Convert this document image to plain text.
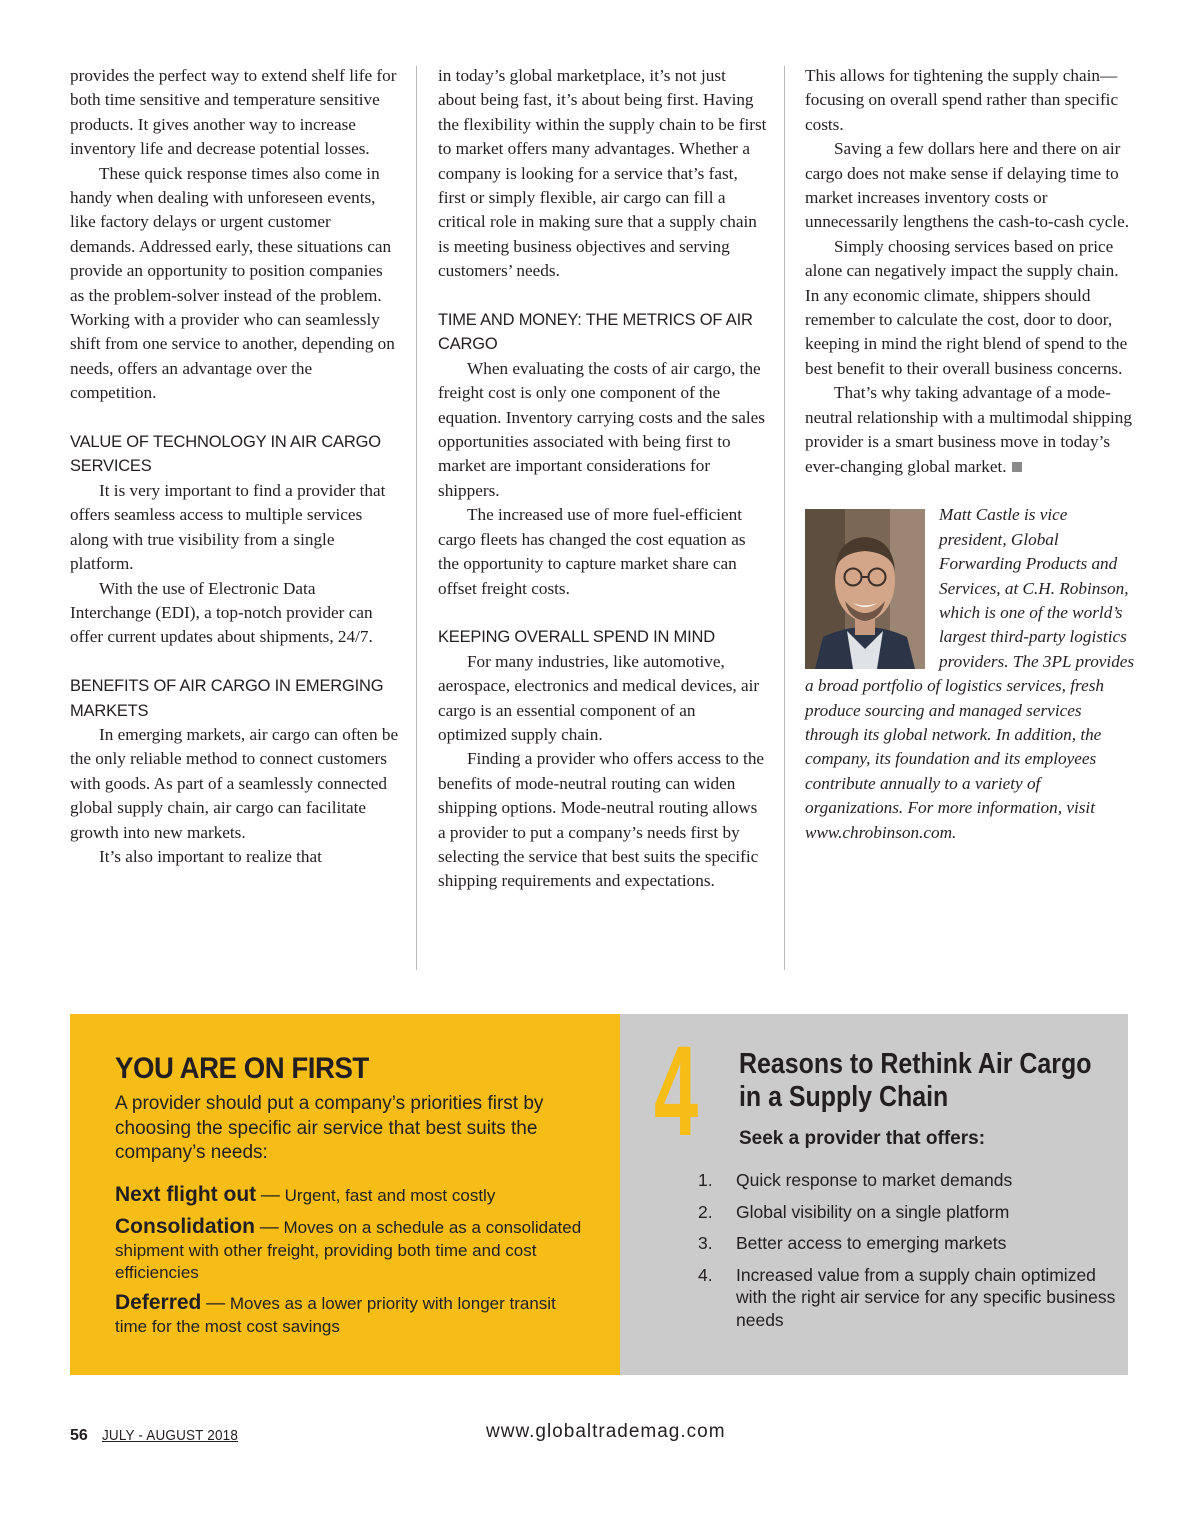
provides the perfect way to extend shelf life for both time sensitive and temperature sensitive products. It gives another way to increase inventory life and decrease potential losses.

These quick response times also come in handy when dealing with unforeseen events, like factory delays or urgent customer demands. Addressed early, these situations can provide an opportunity to position companies as the problem-solver instead of the problem. Working with a provider who can seamlessly shift from one service to another, depending on needs, offers an advantage over the competition.

VALUE OF TECHNOLOGY IN AIR CARGO SERVICES

It is very important to find a provider that offers seamless access to multiple services along with true visibility from a single platform.

With the use of Electronic Data Interchange (EDI), a top-notch provider can offer current updates about shipments, 24/7.

BENEFITS OF AIR CARGO IN EMERGING MARKETS

In emerging markets, air cargo can often be the only reliable method to connect customers with goods. As part of a seamlessly connected global supply chain, air cargo can facilitate growth into new markets.

It’s also important to realize that

in today’s global marketplace, it’s not just about being fast, it’s about being first. Having the flexibility within the supply chain to be first to market offers many advantages. Whether a company is looking for a service that’s fast, first or simply flexible, air cargo can fill a critical role in making sure that a supply chain is meeting business objectives and serving customers’ needs.

TIME AND MONEY: THE METRICS OF AIR CARGO

When evaluating the costs of air cargo, the freight cost is only one component of the equation. Inventory carrying costs and the sales opportunities associated with being first to market are important considerations for shippers.

The increased use of more fuel-efficient cargo fleets has changed the cost equation as the opportunity to capture market share can offset freight costs.

KEEPING OVERALL SPEND IN MIND

For many industries, like automotive, aerospace, electronics and medical devices, air cargo is an essential component of an optimized supply chain.

Finding a provider who offers access to the benefits of mode-neutral routing can widen shipping options. Mode-neutral routing allows a provider to put a company’s needs first by selecting the service that best suits the specific shipping requirements and expectations.

This allows for tightening the supply chain— focusing on overall spend rather than specific costs.

Saving a few dollars here and there on air cargo does not make sense if delaying time to market increases inventory costs or unnecessarily lengthens the cash-to-cash cycle.

Simply choosing services based on price alone can negatively impact the supply chain. In any economic climate, shippers should remember to calculate the cost, door to door, keeping in mind the right blend of spend to the best benefit to their overall business concerns.

That’s why taking advantage of a mode-neutral relationship with a multimodal shipping provider is a smart business move in today’s ever-changing global market.

Matt Castle is vice president, Global Forwarding Products and Services, at C.H. Robinson, which is one of the world’s largest third-party logistics providers. The 3PL provides a broad portfolio of logistics services, fresh produce sourcing and managed services through its global network. In addition, the company, its foundation and its employees contribute annually to a variety of organizations. For more information, visit www.chrobinson.com.

YOU ARE ON FIRST
A provider should put a company’s priorities first by choosing the specific air service that best suits the company’s needs:
Next flight out — Urgent, fast and most costly
Consolidation — Moves on a schedule as a consolidated shipment with other freight, providing both time and cost efficiencies
Deferred — Moves as a lower priority with longer transit time for the most cost savings
4 Reasons to Rethink Air Cargo in a Supply Chain
Seek a provider that offers:
1. Quick response to market demands
2. Global visibility on a single platform
3. Better access to emerging markets
4. Increased value from a supply chain optimized with the right air service for any specific business needs
56 JULY - AUGUST 2018	www.globaltrademag.com
